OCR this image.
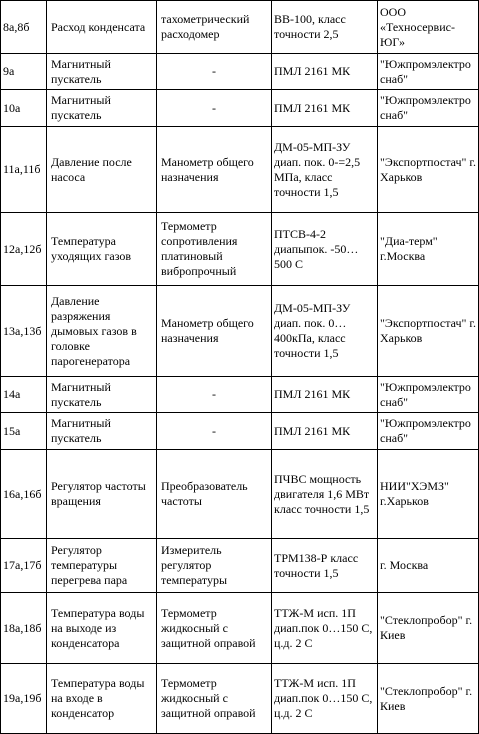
8а,8б	Расход конденсата	тахометрический расходомер	ВВ-100, класс точности 2,5	ООО «Техносервис-ЮГ»
9а	Магнитный пускатель	-	ПМЛ 2161 МК	"Южпромэлектроснаб"
10а	Магнитный пускатель	-	ПМЛ 2161 МК	"Южпромэлектроснаб"
11а,11б	Давление после насоса	Манометр общего назначения	ДМ-05-МП-ЗУ диап. пок. 0-=2,5 МПа, класс точности 1,5	"Экспортпостач" г. Харьков
12а,12б	Температура уходящих газов	Термометр сопротивления платиновый вибропрочный	ПТСВ-4-2 диапыпок. -50…500 С	"Диа-терм" г.Москва
13а,13б	Давление разряжения дымовых газов в головке парогенератора	Манометр общего назначения	ДМ-05-МП-ЗУ диап. пок. 0…400кПа, класс точности 1,5	"Экспортпостач" г. Харьков
14а	Магнитный пускатель	-	ПМЛ 2161 МК	"Южпромэлектроснаб"
15а	Магнитный пускатель	-	ПМЛ 2161 МК	"Южпромэлектроснаб"
16а,16б	Регулятор частоты вращения	Преобразователь частоты	ПЧВС мощность двигателя 1,6 МВт класс точности 1,5	НИИ"ХЭМЗ" г.Харьков
17а,17б	Регулятор температуры перегрева пара	Измеритель регулятор температуры	ТРМ138-Р класс точности 1,5	г. Москва
18а,18б	Температура воды на выходе из конденсатора	Термометр жидкосный с защитной оправой	ТТЖ-М исп. 1П диап.пок 0…150 С, ц.д. 2 С	"Стеклопробор" г. Киев
19а,19б	Температура воды на входе в конденсатор	Термометр жидкосный с защитной оправой	ТТЖ-М исп. 1П диап.пок 0…150 С, ц.д. 2 С	"Стеклопробор" г. Киев
